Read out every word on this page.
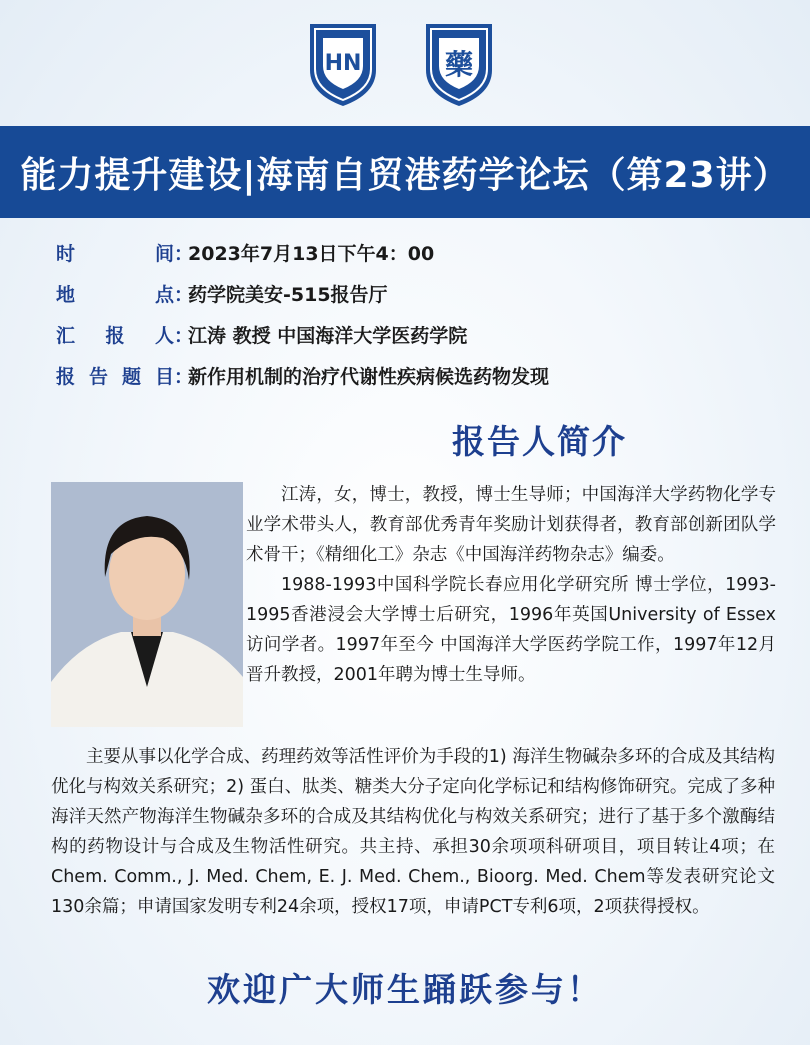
HN	藥
能力提升建设|海南自贸港药学论坛（第23讲）
时	间 ：
2023年7月13日下午4：00
地	点 ：
药学院美安-515报告厅
汇 报 人 ：
江涛 教授 中国海洋大学医药学院
报 告 题 目 ：
新作用机制的治疗代谢性疾病候选药物发现
报告人简介

江涛，女，博士，教授，博士生导师；中国海洋大学药物化学专业学术带头人，教育部优秀青年奖励计划获得者，教育部创新团队学术骨干；《精细化工》杂志《中国海洋药物杂志》编委。

1988-1993中国科学院长春应用化学研究所 博士学位，1993-1995香港浸会大学博士后研究，1996年英国University of Essex 访问学者。1997年至今 中国海洋大学医药学院工作，1997年12月晋升教授，2001年聘为博士生导师。

主要从事以化学合成、药理药效等活性评价为手段的1) 海洋生物碱杂多环的合成及其结构优化与构效关系研究；2) 蛋白、肽类、糖类大分子定向化学标记和结构修饰研究。完成了多种海洋天然产物海洋生物碱杂多环的合成及其结构优化与构效关系研究；进行了基于多个激酶结构的药物设计与合成及生物活性研究。共主持、承担30余项项科研项目，项目转让4项；在Chem. Comm., J. Med. Chem, E. J. Med. Chem., Bioorg. Med. Chem等发表研究论文130余篇；申请国家发明专利24余项，授权17项，申请PCT专利6项，2项获得授权。

欢迎广大师生踊跃参与！
